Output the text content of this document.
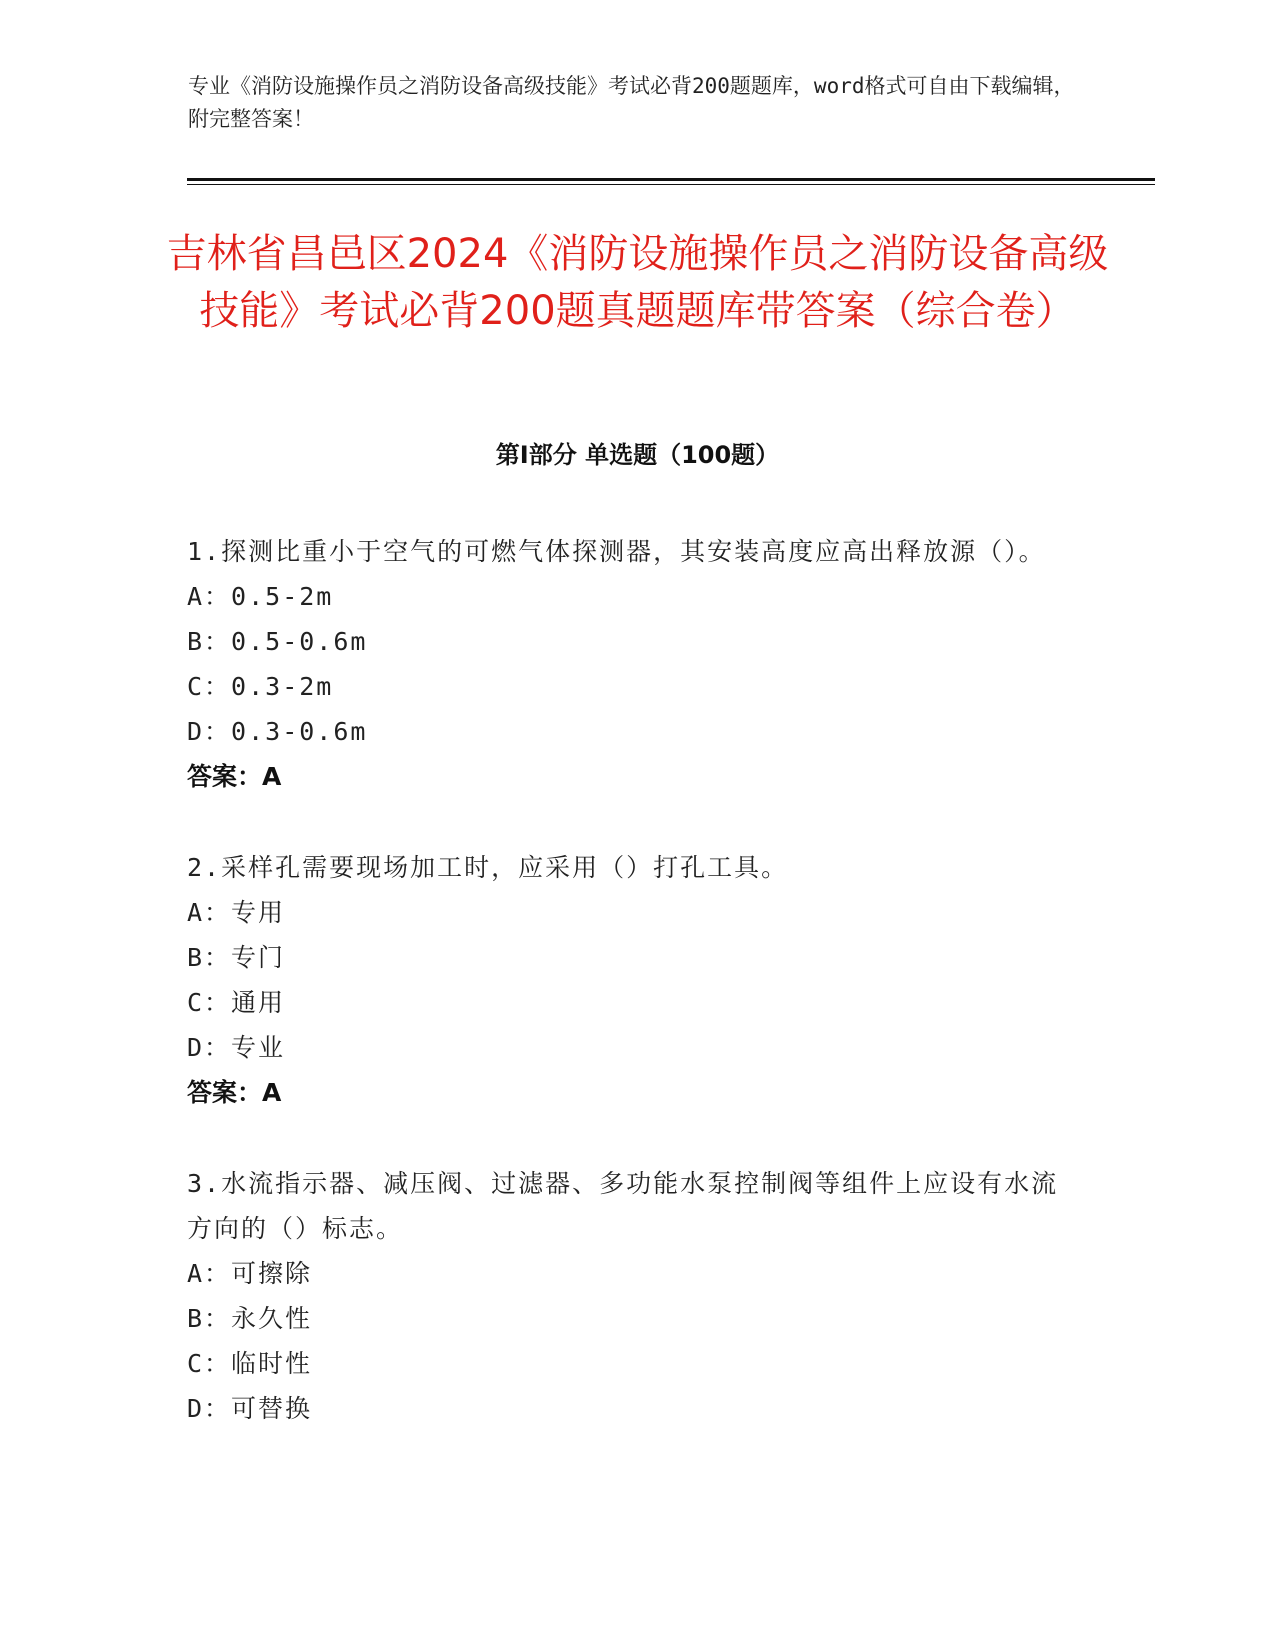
专业《消防设施操作员之消防设备高级技能》考试必背200题题库，word格式可自由下载编辑，附完整答案！
吉林省昌邑区2024《消防设施操作员之消防设备高级技能》考试必背200题真题题库带答案（综合卷）
第Ⅰ部分 单选题（100题）
1.探测比重小于空气的可燃气体探测器，其安装高度应高出释放源（）。
A：0.5-2m
B：0.5-0.6m
C：0.3-2m
D：0.3-0.6m
答案：A
2.采样孔需要现场加工时，应采用（）打孔工具。
A：专用
B：专门
C：通用
D：专业
答案：A
3.水流指示器、减压阀、过滤器、多功能水泵控制阀等组件上应设有水流方向的（）标志。
A：可擦除
B：永久性
C：临时性
D：可替换
